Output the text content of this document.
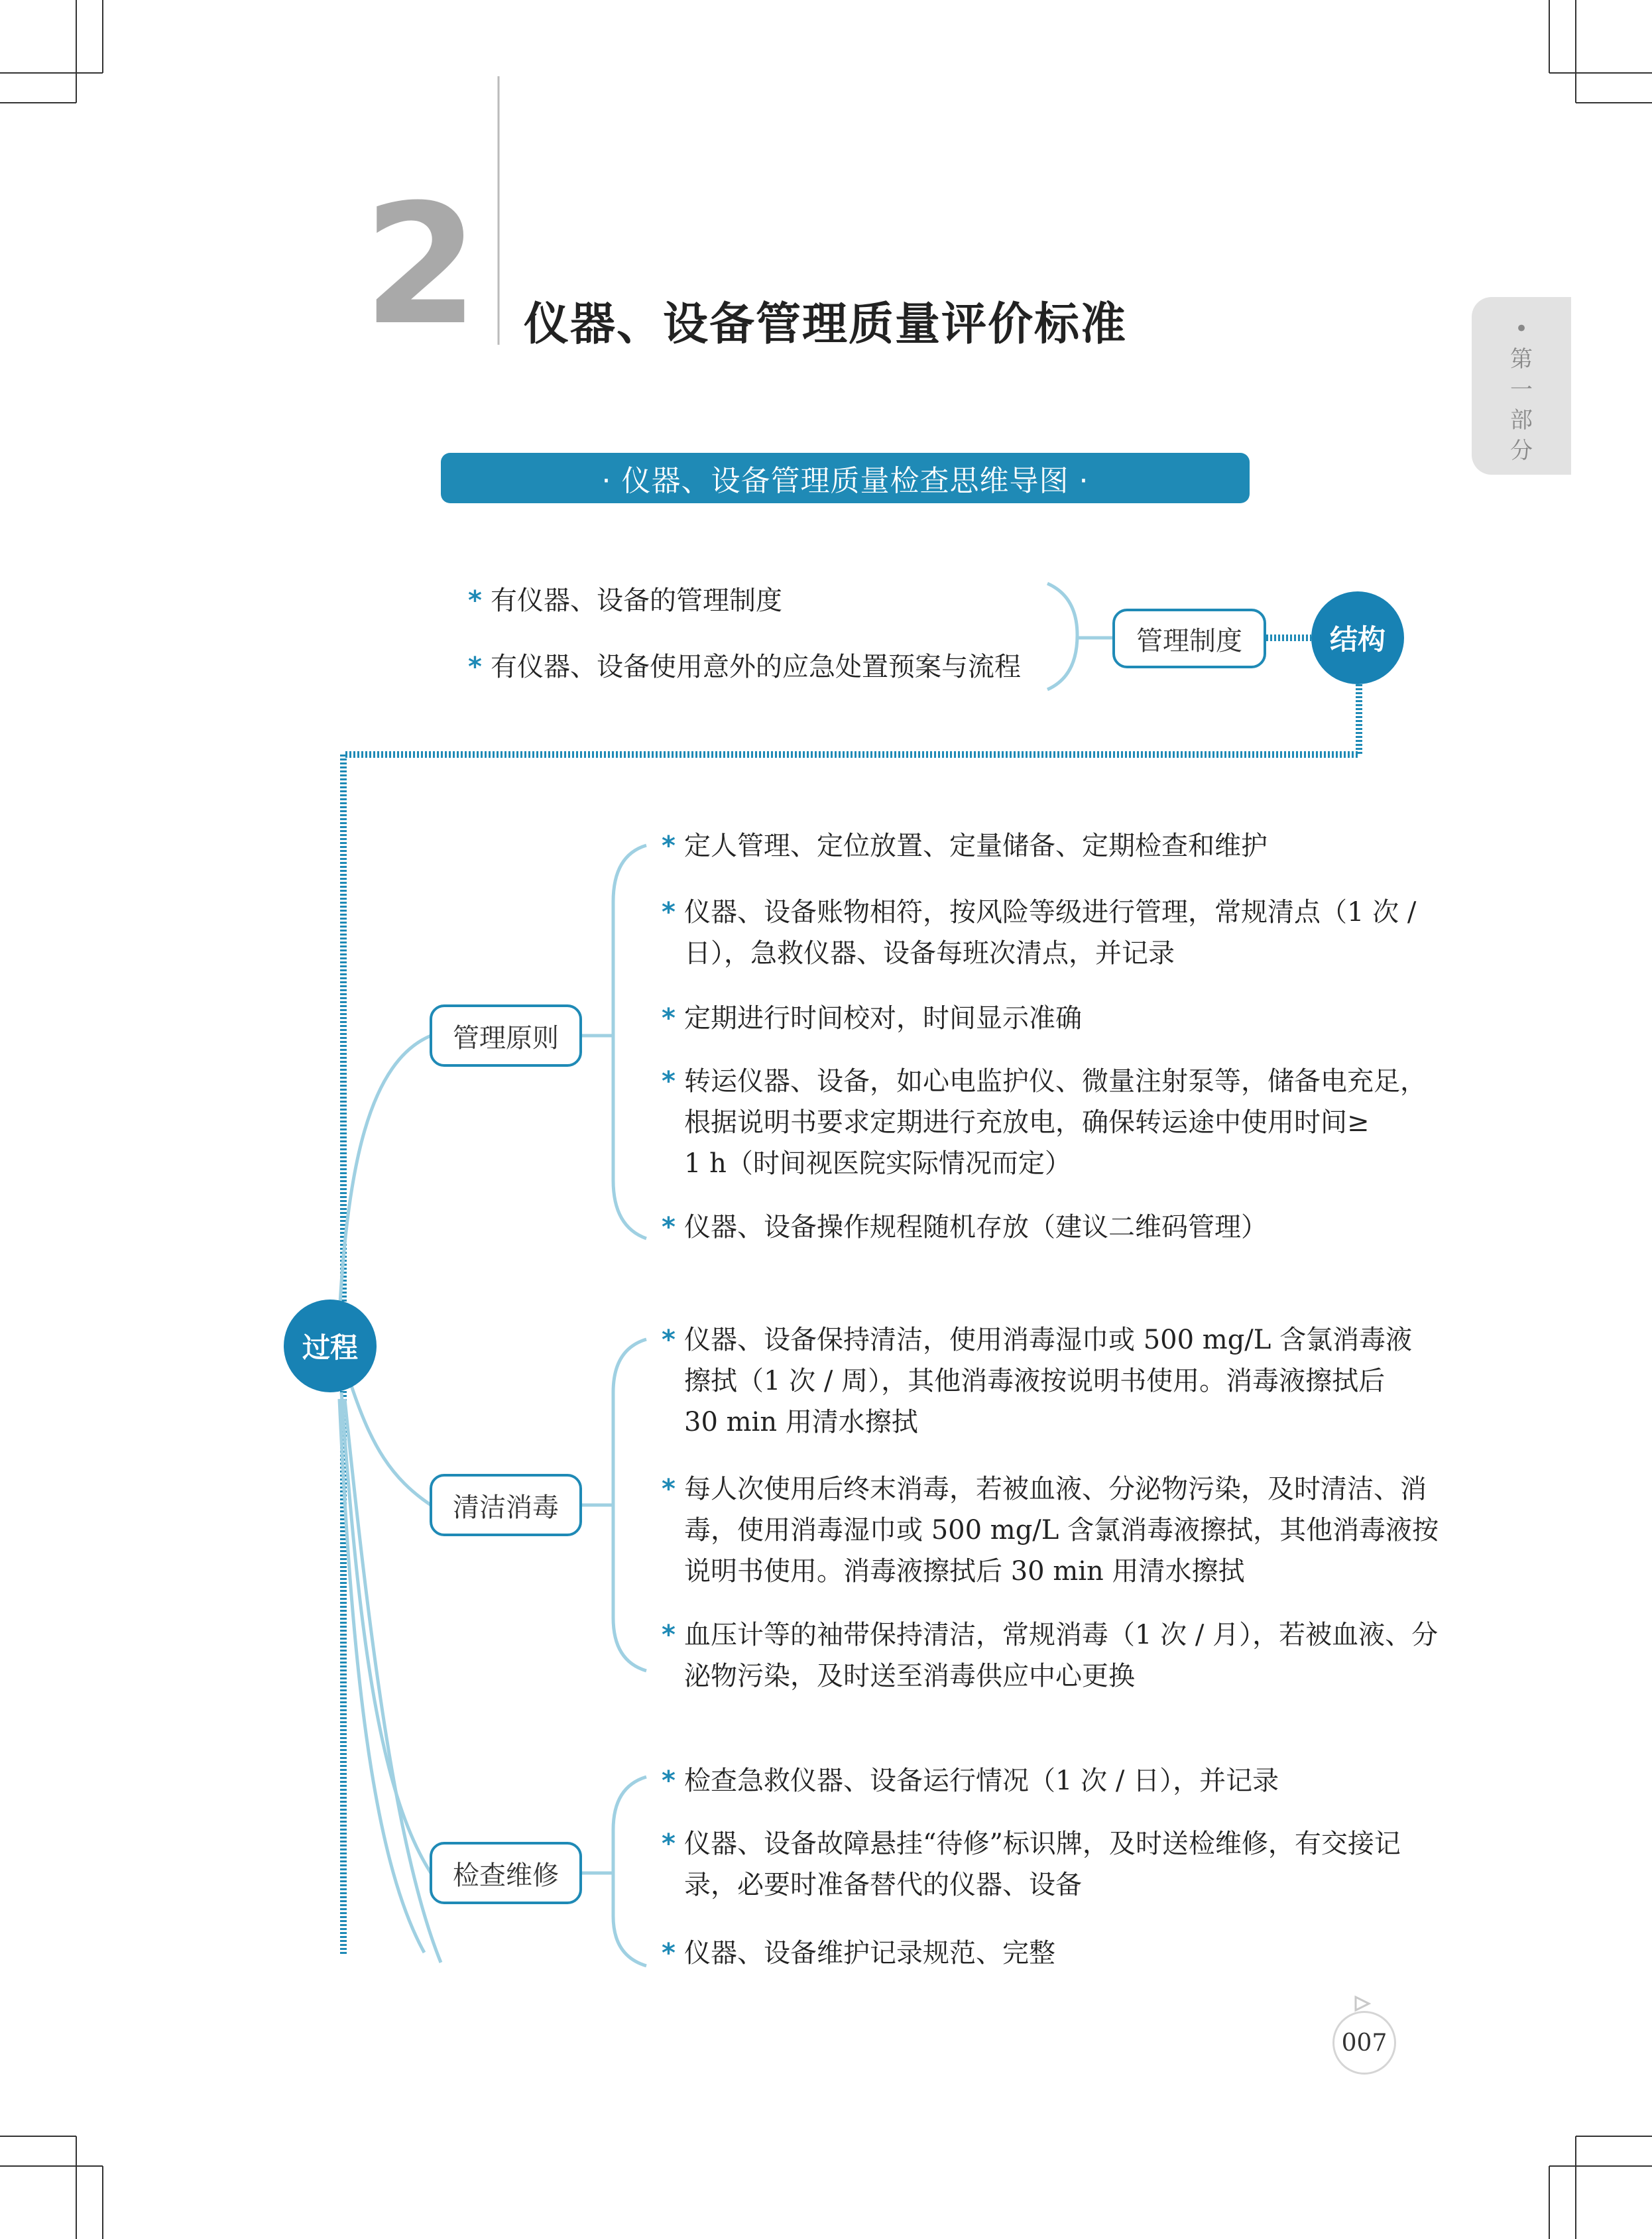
2 仪器、设备管理质量评价标准	•
第
一
部
分
· 仪器、设备管理质量检查思维导图 ·
* 有仪器、设备的管理制度
* 有仪器、设备使用意外的应急处置预案与流程
管理制度	结构
过程
管理原则
清洁消毒
检查维修
* 定人管理、定位放置、定量储备、定期检查和维护
* 仪器、设备账物相符，按风险等级进行管理，常规清点（1 次 /
日），急救仪器、设备每班次清点，并记录
* 定期进行时间校对，时间显示准确
* 转运仪器、设备，如心电监护仪、微量注射泵等，储备电充足，
根据说明书要求定期进行充放电，确保转运途中使用时间≥
1 h（时间视医院实际情况而定）
* 仪器、设备操作规程随机存放（建议二维码管理）
* 仪器、设备保持清洁，使用消毒湿巾或 500 mg/L 含氯消毒液
擦拭（1 次 / 周），其他消毒液按说明书使用。消毒液擦拭后
30 min 用清水擦拭
* 每人次使用后终末消毒，若被血液、分泌物污染，及时清洁、消
毒，使用消毒湿巾或 500 mg/L 含氯消毒液擦拭，其他消毒液按
说明书使用。消毒液擦拭后 30 min 用清水擦拭
* 血压计等的袖带保持清洁，常规消毒（1 次 / 月），若被血液、分
泌物污染，及时送至消毒供应中心更换
* 检查急救仪器、设备运行情况（1 次 / 日），并记录
* 仪器、设备故障悬挂“待修”标识牌，及时送检维修，有交接记
录，必要时准备替代的仪器、设备
* 仪器、设备维护记录规范、完整
007
